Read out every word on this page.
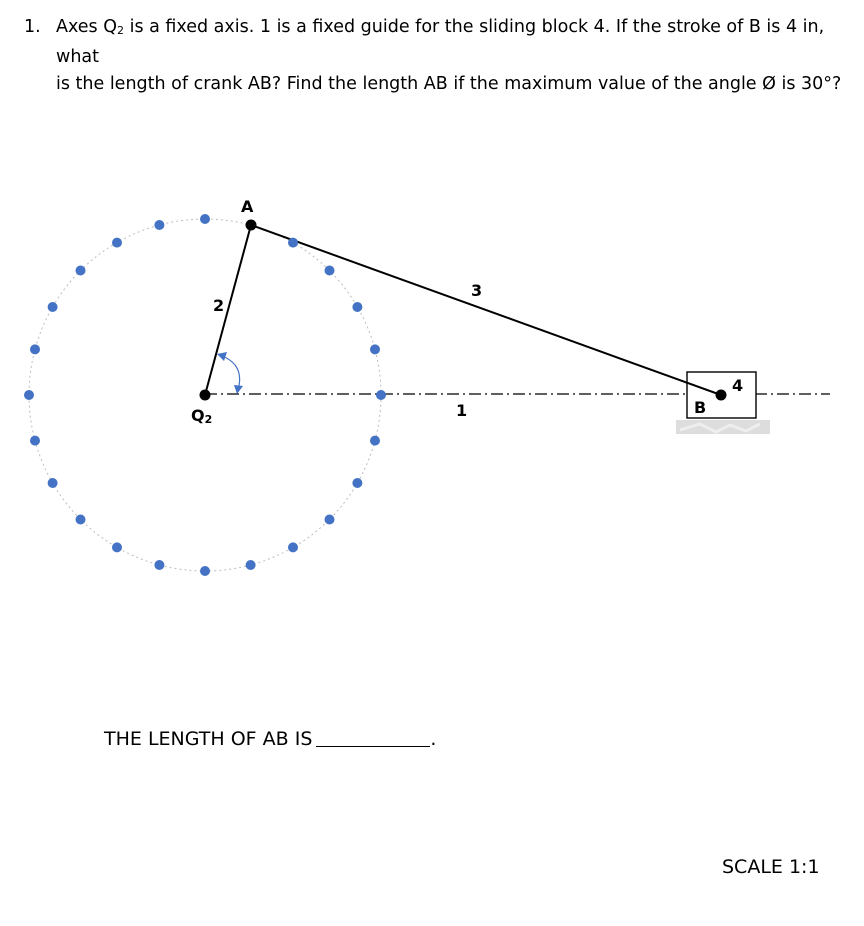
1. Axes $Q_2$ is a fixed axis. 1 is a fixed guide for the sliding block 4. If the stroke of B is 4 in, what
is the length of crank AB? Find the length AB if the maximum value of the angle Ø is 30°?
A
2
3
1
4
B
Q2
THE LENGTH OF AB IS	.
SCALE 1:1
